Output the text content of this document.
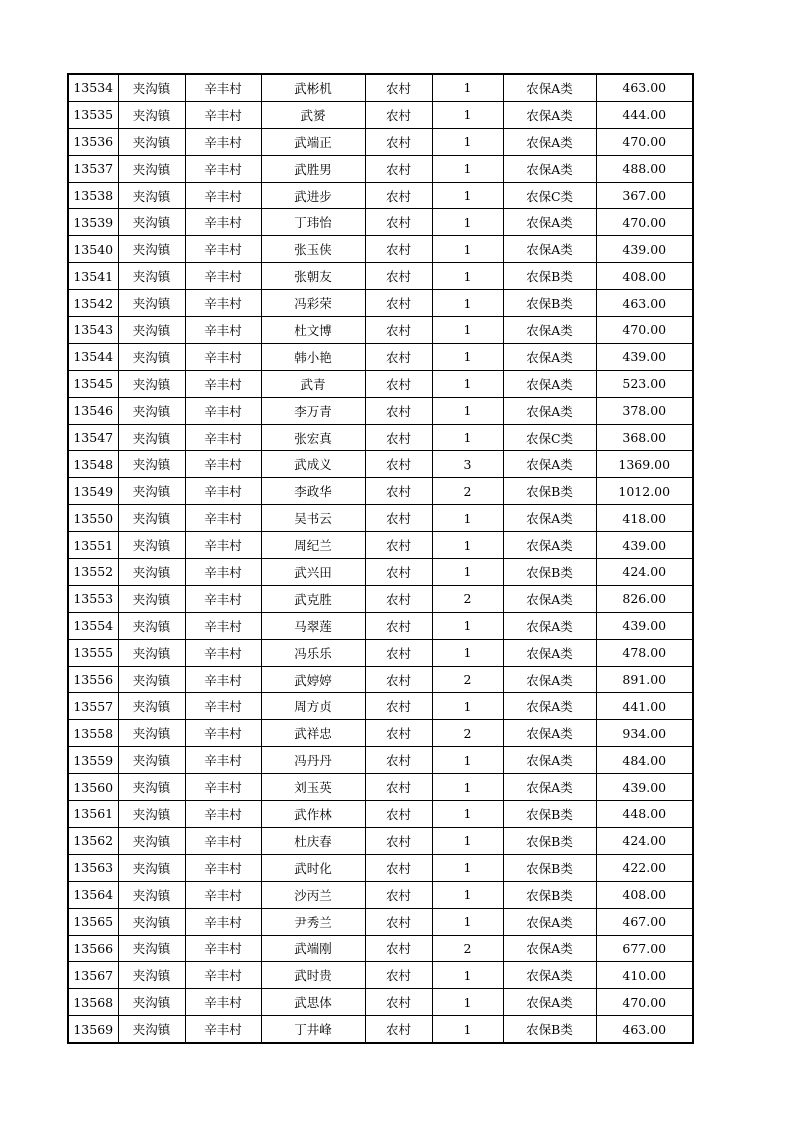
13534	夹沟镇	辛丰村	武彬机	农村	1	农保A类	463.00
13535	夹沟镇	辛丰村	武赟	农村	1	农保A类	444.00
13536	夹沟镇	辛丰村	武端正	农村	1	农保A类	470.00
13537	夹沟镇	辛丰村	武胜男	农村	1	农保A类	488.00
13538	夹沟镇	辛丰村	武进步	农村	1	农保C类	367.00
13539	夹沟镇	辛丰村	丁玮怡	农村	1	农保A类	470.00
13540	夹沟镇	辛丰村	张玉侠	农村	1	农保A类	439.00
13541	夹沟镇	辛丰村	张朝友	农村	1	农保B类	408.00
13542	夹沟镇	辛丰村	冯彩荣	农村	1	农保B类	463.00
13543	夹沟镇	辛丰村	杜文博	农村	1	农保A类	470.00
13544	夹沟镇	辛丰村	韩小艳	农村	1	农保A类	439.00
13545	夹沟镇	辛丰村	武青	农村	1	农保A类	523.00
13546	夹沟镇	辛丰村	李万青	农村	1	农保A类	378.00
13547	夹沟镇	辛丰村	张宏真	农村	1	农保C类	368.00
13548	夹沟镇	辛丰村	武成义	农村	3	农保A类	1369.00
13549	夹沟镇	辛丰村	李政华	农村	2	农保B类	1012.00
13550	夹沟镇	辛丰村	吴书云	农村	1	农保A类	418.00
13551	夹沟镇	辛丰村	周纪兰	农村	1	农保A类	439.00
13552	夹沟镇	辛丰村	武兴田	农村	1	农保B类	424.00
13553	夹沟镇	辛丰村	武克胜	农村	2	农保A类	826.00
13554	夹沟镇	辛丰村	马翠莲	农村	1	农保A类	439.00
13555	夹沟镇	辛丰村	冯乐乐	农村	1	农保A类	478.00
13556	夹沟镇	辛丰村	武婷婷	农村	2	农保A类	891.00
13557	夹沟镇	辛丰村	周方贞	农村	1	农保A类	441.00
13558	夹沟镇	辛丰村	武祥忠	农村	2	农保A类	934.00
13559	夹沟镇	辛丰村	冯丹丹	农村	1	农保A类	484.00
13560	夹沟镇	辛丰村	刘玉英	农村	1	农保A类	439.00
13561	夹沟镇	辛丰村	武作林	农村	1	农保B类	448.00
13562	夹沟镇	辛丰村	杜庆春	农村	1	农保B类	424.00
13563	夹沟镇	辛丰村	武时化	农村	1	农保B类	422.00
13564	夹沟镇	辛丰村	沙丙兰	农村	1	农保B类	408.00
13565	夹沟镇	辛丰村	尹秀兰	农村	1	农保A类	467.00
13566	夹沟镇	辛丰村	武端刚	农村	2	农保A类	677.00
13567	夹沟镇	辛丰村	武时贵	农村	1	农保A类	410.00
13568	夹沟镇	辛丰村	武思体	农村	1	农保A类	470.00
13569	夹沟镇	辛丰村	丁井峰	农村	1	农保B类	463.00
